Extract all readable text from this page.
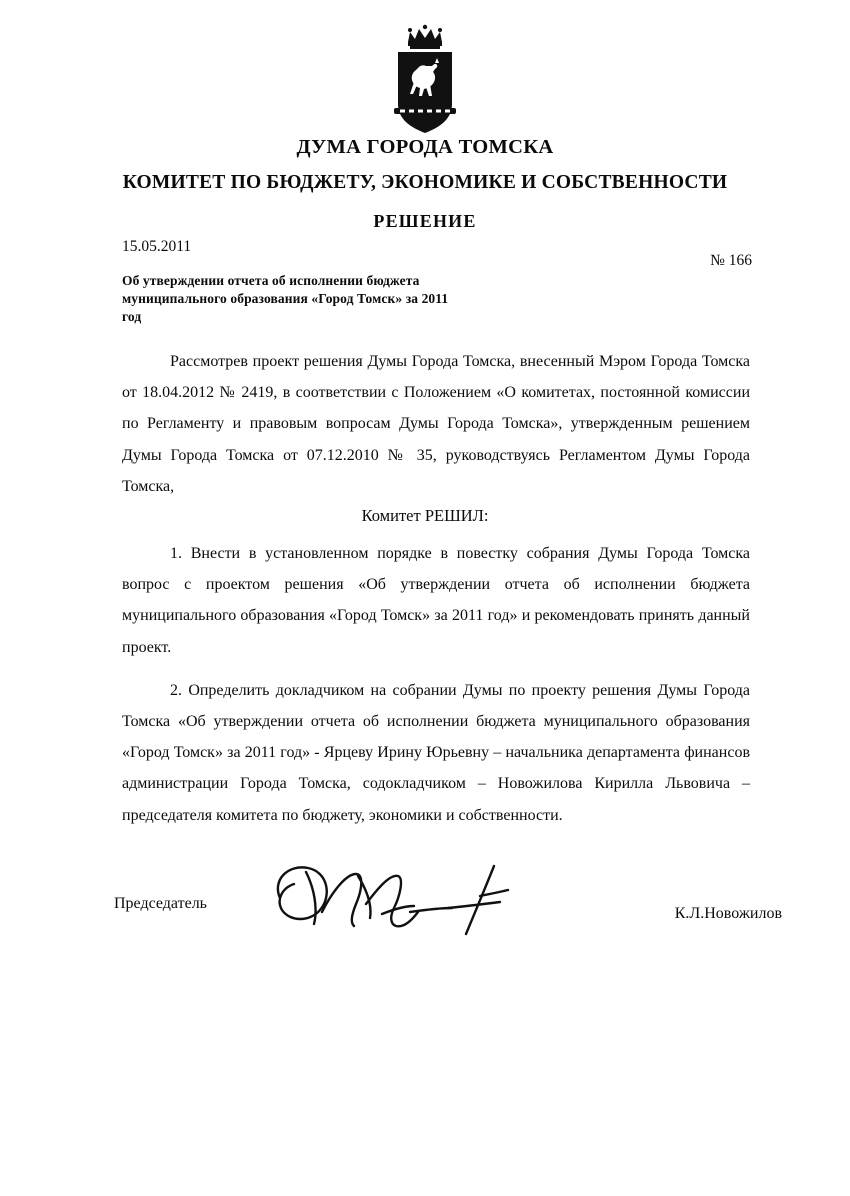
ДУМА ГОРОДА ТОМСКА
КОМИТЕТ ПО БЮДЖЕТУ, ЭКОНОМИКЕ И СОБСТВЕННОСТИ
РЕШЕНИЕ
15.05.2011
№ 166
Об утверждении отчета об исполнении бюджета муниципального образования «Город Томск» за 2011 год

Рассмотрев проект решения Думы Города Томска, внесенный Мэром Города Томска от 18.04.2012 № 2419, в соответствии с Положением «О комитетах, постоянной комиссии по Регламенту и правовым вопросам Думы Города Томска», утвержденным решением Думы Города Томска от 07.12.2010 № 35, руководствуясь Регламентом Думы Города Томска,

Комитет РЕШИЛ:

1. Внести в установленном порядке в повестку собрания Думы Города Томска вопрос с проектом решения «Об утверждении отчета об исполнении бюджета муниципального образования «Город Томск» за 2011 год» и рекомендовать принять данный проект.

2. Определить докладчиком на собрании Думы по проекту решения Думы Города Томска «Об утверждении отчета об исполнении бюджета муниципального образования «Город Томск» за 2011 год» - Ярцеву Ирину Юрьевну – начальника департамента финансов администрации Города Томска, содокладчиком – Новожилова Кирилла Львовича – председателя комитета по бюджету, экономики и собственности.

Председатель
К.Л.Новожилов
